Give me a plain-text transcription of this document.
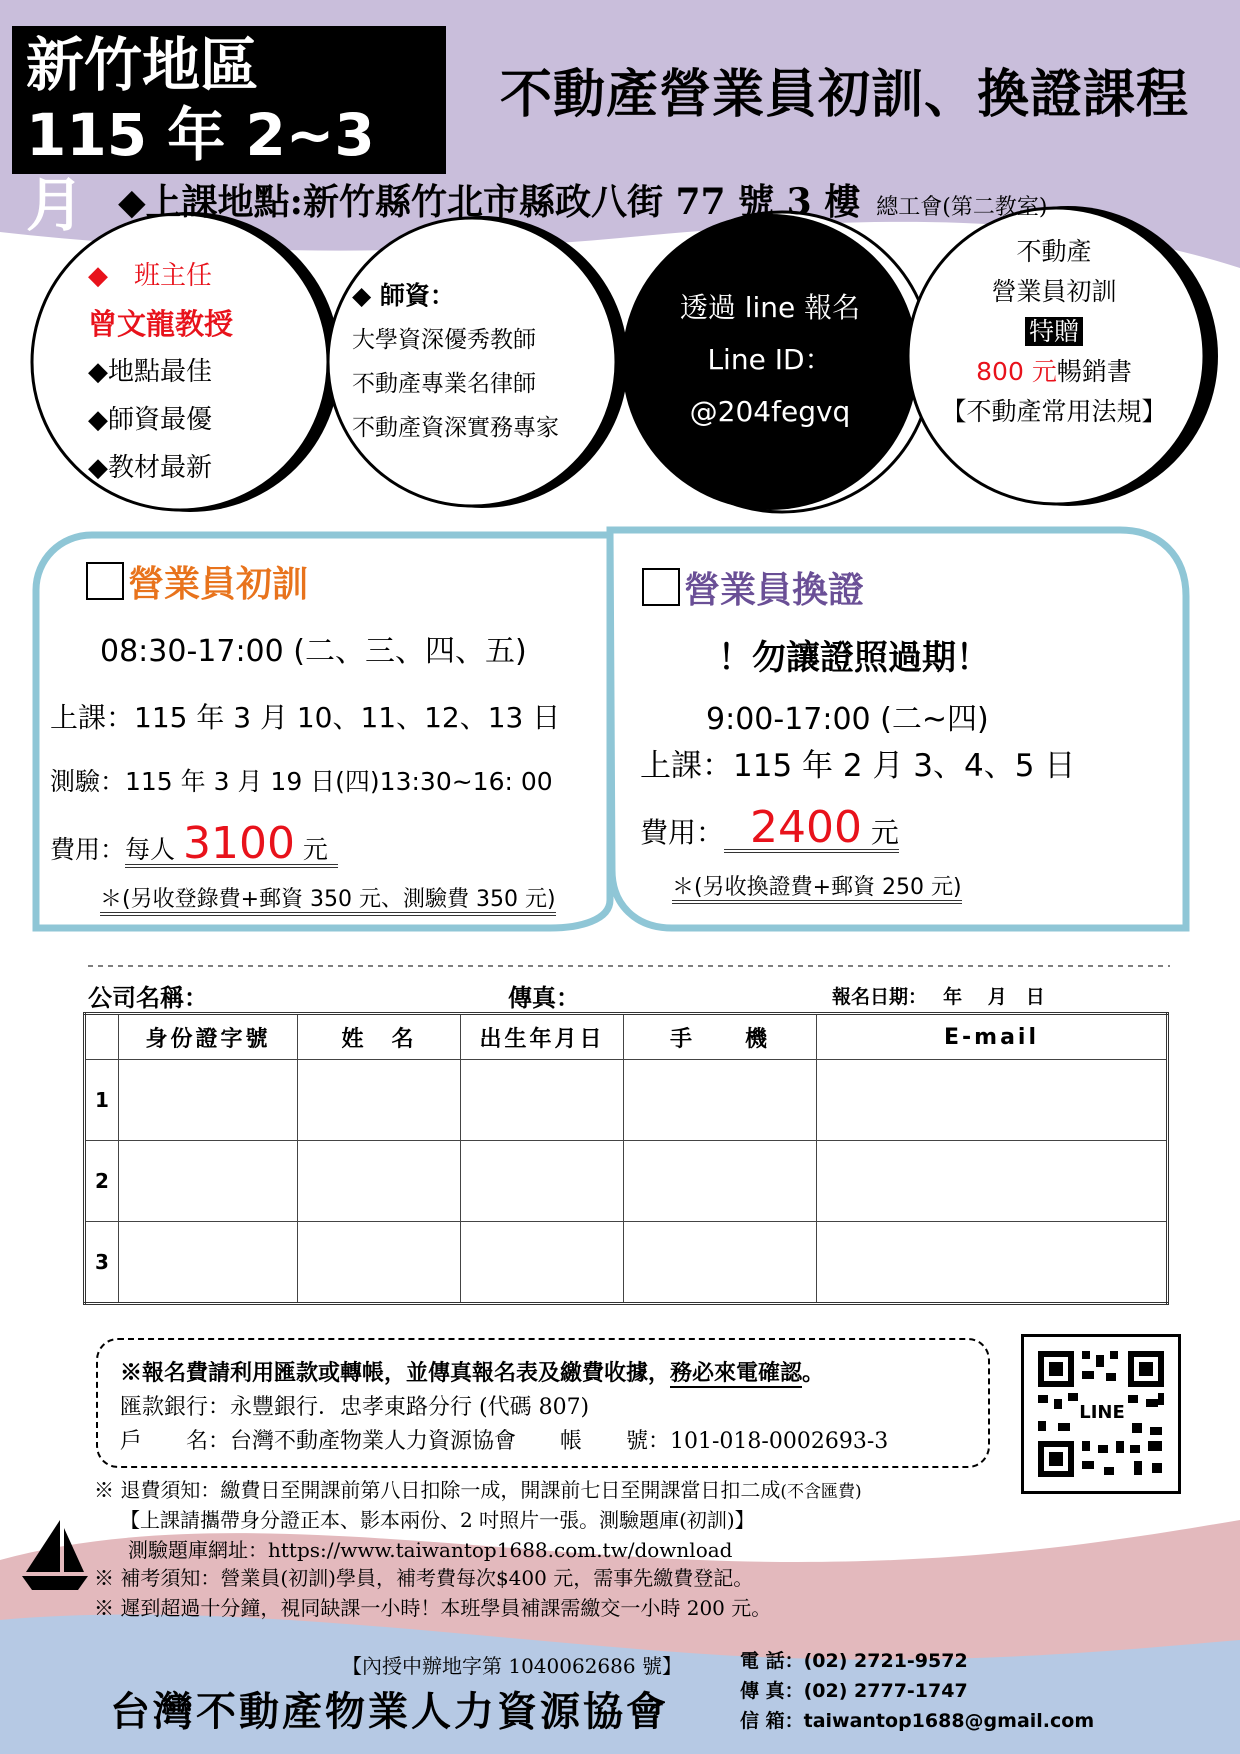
新竹地區
115 年 2~3 月
不動產營業員初訓、換證課程
◆上課地點:新竹縣竹北市縣政八街 77 號 3 樓 總工會(第二教室)
◆　班主任
曾文龍教授
◆地點最佳
◆師資最優
◆教材最新
◆ 師資：
大學資深優秀教師
不動產專業名律師
不動產資深實務專家
透過 line 報名
Line ID：
@204fegvq
不動產
營業員初訓
特贈
800 元暢銷書
【不動產常用法規】
營業員初訓
08:30-17:00 (二、三、四、五)
上課：115 年 3 月 10、11、12、13 日
測驗：115 年 3 月 19 日(四)13:30~16: 00
費用：每人 3100 元
＊(另收登錄費+郵資 350 元、測驗費 350 元)
營業員換證
！勿讓證照過期！
9:00-17:00 (二~四)
上課：115 年 2 月 3、4、5 日
費用： 2400 元
＊(另收換證費+郵資 250 元)
公司名稱：	傳真：	報名日期：　 年　 月　日
	身份證字號	姓　名	出生年月日	手　　機	E-mail
1					
2					
3					
※報名費請利用匯款或轉帳，並傳真報名表及繳費收據，務必來電確認。
匯款銀行：永豐銀行．忠孝東路分行 (代碼 807)
戶　　名：台灣不動產物業人力資源協會　　帳　　號：101-018-0002693-3
LINE
※ 退費須知：繳費日至開課前第八日扣除一成，開課前七日至開課當日扣二成(不含匯費)
【上課請攜帶身分證正本、影本兩份、2 吋照片一張。測驗題庫(初訓)】
測驗題庫網址：https://www.taiwantop1688.com.tw/download
※ 補考須知：營業員(初訓)學員，補考費每次$400 元，需事先繳費登記。
※ 遲到超過十分鐘，視同缺課一小時！本班學員補課需繳交一小時 200 元。
【內授中辦地字第 1040062686 號】
台灣不動產物業人力資源協會
電 話：(02) 2721-9572
傳 真：(02) 2777-1747
信 箱：taiwantop1688@gmail.com
